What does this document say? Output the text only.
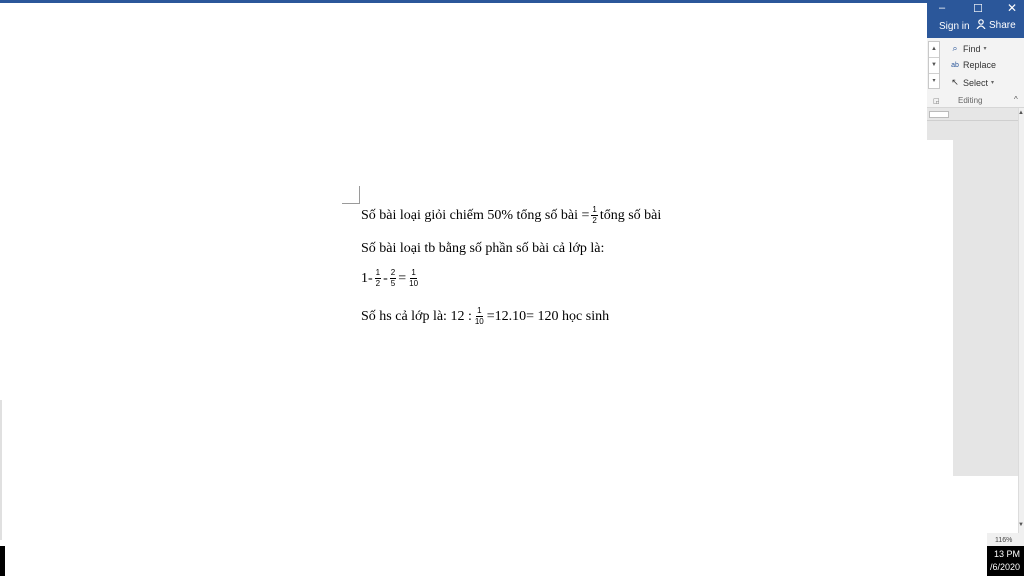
–	☐	✕
Sign in Share
▲
▼
▾
⌕ Find ▾
ab Replace
↖ Select ▾
◲ Editing	^
▲
▼
116%
13 PM
/6/2020
Số bài loại giỏi chiếm 50% tổng số bài = $\frac{1}{2}$ tổng số bài
Số bài loại tb bằng số phần số bài cả lớp là:
$1- \frac{1}{2} - \frac{2}{5} = \frac{1}{10}$
Số hs cả lớp là: 12 : $\frac{1}{10} =12.10= 120$ học sinh
